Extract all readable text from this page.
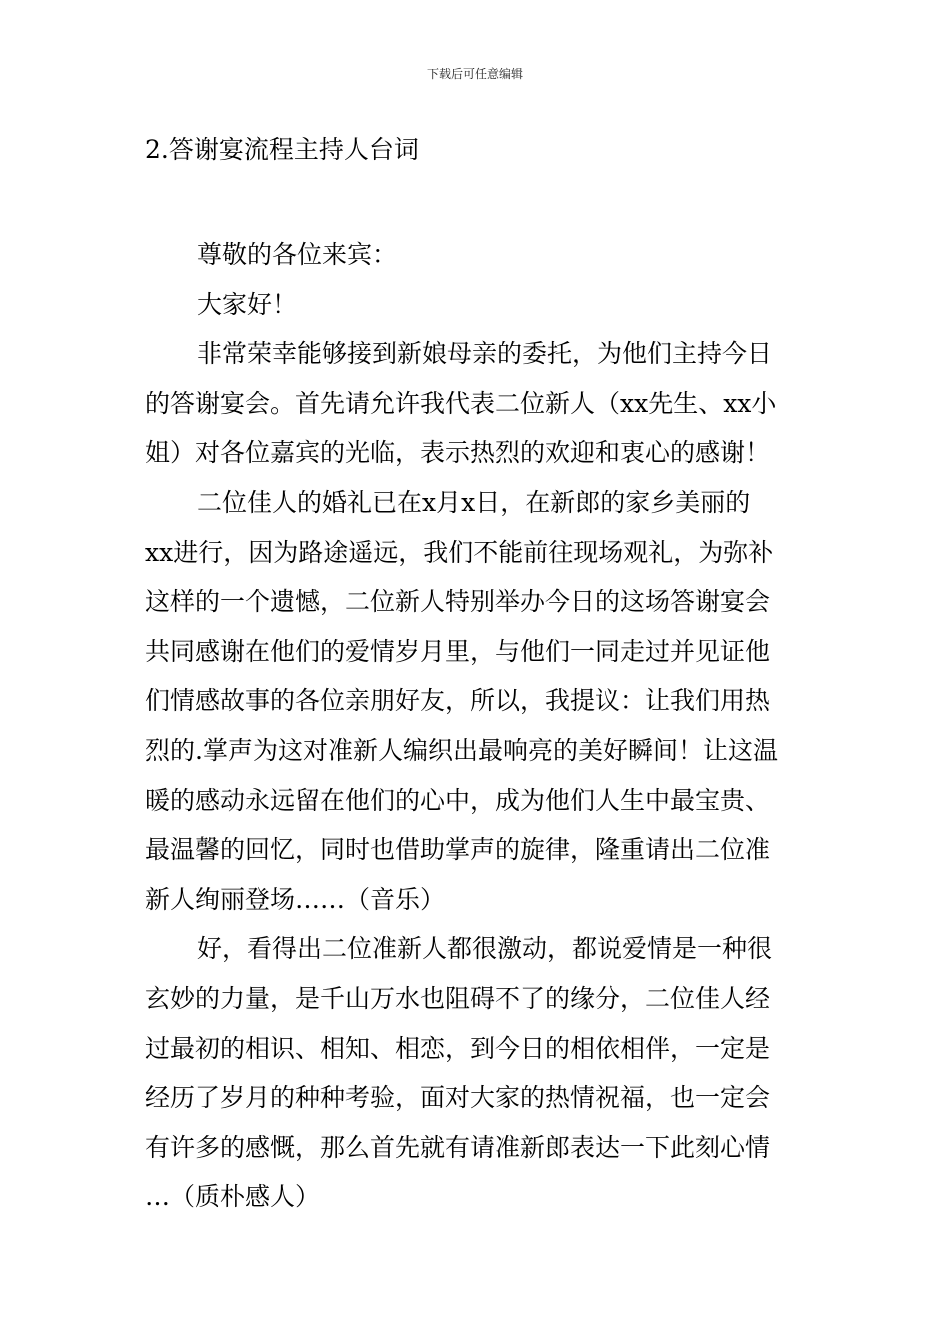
下载后可任意编辑
2.答谢宴流程主持人台词
尊敬的各位来宾：
大家好！
非常荣幸能够接到新娘母亲的委托，为他们主持今日
的答谢宴会。首先请允许我代表二位新人（xx先生、xx小
姐）对各位嘉宾的光临，表示热烈的欢迎和衷心的感谢！
二位佳人的婚礼已在x月x日，在新郎的家乡美丽的
xx进行，因为路途遥远，我们不能前往现场观礼，为弥补
这样的一个遗憾，二位新人特别举办今日的这场答谢宴会
共同感谢在他们的爱情岁月里，与他们一同走过并见证他
们情感故事的各位亲朋好友，所以，我提议：让我们用热
烈的.掌声为这对准新人编织出最响亮的美好瞬间！让这温
暖的感动永远留在他们的心中，成为他们人生中最宝贵、
最温馨的回忆，同时也借助掌声的旋律，隆重请出二位准
新人绚丽登场……（音乐）
好，看得出二位准新人都很激动，都说爱情是一种很
玄妙的力量，是千山万水也阻碍不了的缘分，二位佳人经
过最初的相识、相知、相恋，到今日的相依相伴，一定是
经历了岁月的种种考验，面对大家的热情祝福，也一定会
有许多的感慨，那么首先就有请准新郎表达一下此刻心情
…（质朴感人）
